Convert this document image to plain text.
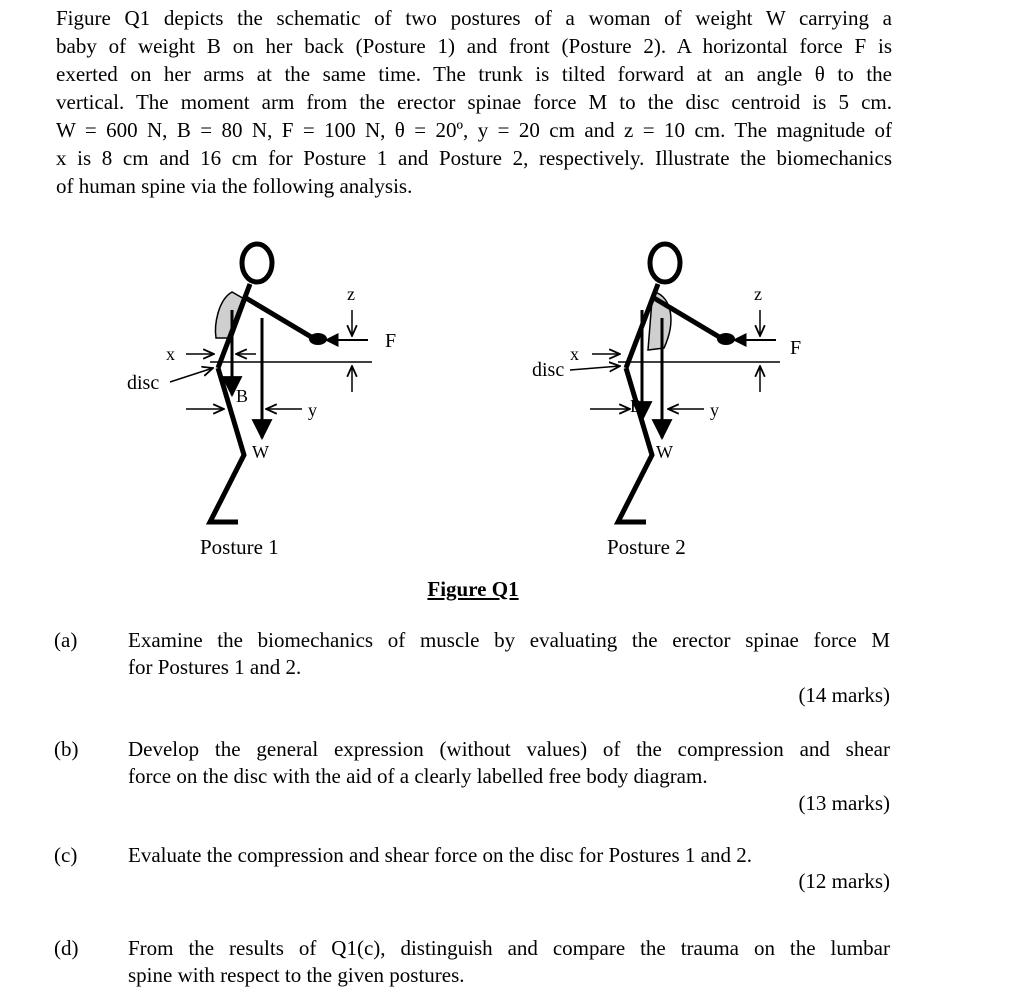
Figure Q1 depicts the schematic of two postures of a woman of weight W carrying a
baby of weight B on her back (Posture 1) and front (Posture 2). A horizontal force F is
exerted on her arms at the same time. The trunk is tilted forward at an angle θ to the
vertical. The moment arm from the erector spinae force M to the disc centroid is 5 cm.
W = 600 N, B = 80 N, F = 100 N, θ = 20º, y = 20 cm and z = 10 cm. The magnitude of
x is 8 cm and 16 cm for Posture 1 and Posture 2, respectively. Illustrate the biomechanics
of human spine via the following analysis.
x
disc
B
W
y
z
F
Posture 1
x
disc
B
W
y
z
F
Posture 2
Figure Q1
(a) Examine the biomechanics of muscle by evaluating the erector spinae force M
for Postures 1 and 2.
(14 marks)
(b) Develop the general expression (without values) of the compression and shear
force on the disc with the aid of a clearly labelled free body diagram.
(13 marks)
(c) Evaluate the compression and shear force on the disc for Postures 1 and 2.
(12 marks)
(d) From the results of Q1(c), distinguish and compare the trauma on the lumbar
spine with respect to the given postures.
